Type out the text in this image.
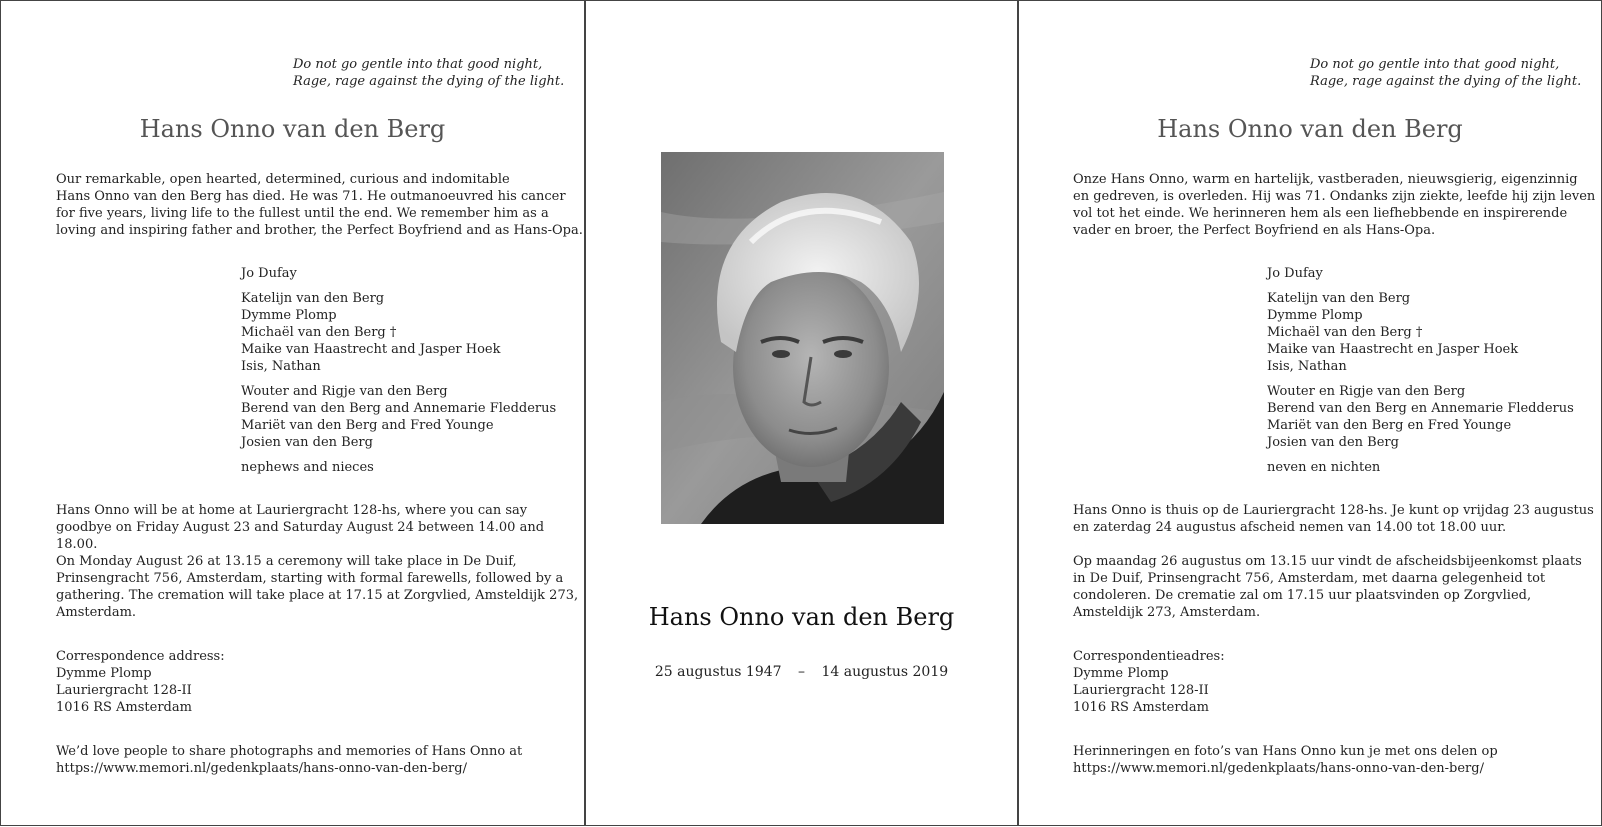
Do not go gentle into that good night,
Rage, rage against the dying of the light.
Hans Onno van den Berg
Our remarkable, open hearted, determined, curious and indomitable
Hans Onno van den Berg has died. He was 71. He outmanoeuvred his cancer
for five years, living life to the fullest until the end. We remember him as a
loving and inspiring father and brother, the Perfect Boyfriend and as Hans-Opa.
Jo Dufay
Katelijn van den Berg
Dymme Plomp
Michaël van den Berg †
Maike van Haastrecht and Jasper Hoek
Isis, Nathan
Wouter and Rigje van den Berg
Berend van den Berg and Annemarie Fledderus
Mariët van den Berg and Fred Younge
Josien van den Berg
nephews and nieces
Hans Onno will be at home at Lauriergracht 128-hs, where you can say
goodbye on Friday August 23 and Saturday August 24 between 14.00 and 18.00.
On Monday August 26 at 13.15 a ceremony will take place in De Duif,
Prinsengracht 756, Amsterdam, starting with formal farewells, followed by a
gathering. The cremation will take place at 17.15 at Zorgvlied, Amsteldijk 273,
Amsterdam.
Correspondence address:
Dymme Plomp
Lauriergracht 128-II
1016 RS Amsterdam
We’d love people to share photographs and memories of Hans Onno at
https://www.memori.nl/gedenkplaats/hans-onno-van-den-berg/
Hans Onno van den Berg
25 augustus 1947 – 14 augustus 2019
Do not go gentle into that good night,
Rage, rage against the dying of the light.
Hans Onno van den Berg
Onze Hans Onno, warm en hartelijk, vastberaden, nieuwsgierig, eigenzinnig
en gedreven, is overleden. Hij was 71. Ondanks zijn ziekte, leefde hij zijn leven
vol tot het einde. We herinneren hem als een liefhebbende en inspirerende
vader en broer, the Perfect Boyfriend en als Hans-Opa.
Jo Dufay
Katelijn van den Berg
Dymme Plomp
Michaël van den Berg †
Maike van Haastrecht en Jasper Hoek
Isis, Nathan
Wouter en Rigje van den Berg
Berend van den Berg en Annemarie Fledderus
Mariët van den Berg en Fred Younge
Josien van den Berg
neven en nichten
Hans Onno is thuis op de Lauriergracht 128-hs. Je kunt op vrijdag 23 augustus
en zaterdag 24 augustus afscheid nemen van 14.00 tot 18.00 uur.
Op maandag 26 augustus om 13.15 uur vindt de afscheidsbijeenkomst plaats
in De Duif, Prinsengracht 756, Amsterdam, met daarna gelegenheid tot
condoleren. De crematie zal om 17.15 uur plaatsvinden op Zorgvlied,
Amsteldijk 273, Amsterdam.
Correspondentieadres:
Dymme Plomp
Lauriergracht 128-II
1016 RS Amsterdam
Herinneringen en foto’s van Hans Onno kun je met ons delen op
https://www.memori.nl/gedenkplaats/hans-onno-van-den-berg/
